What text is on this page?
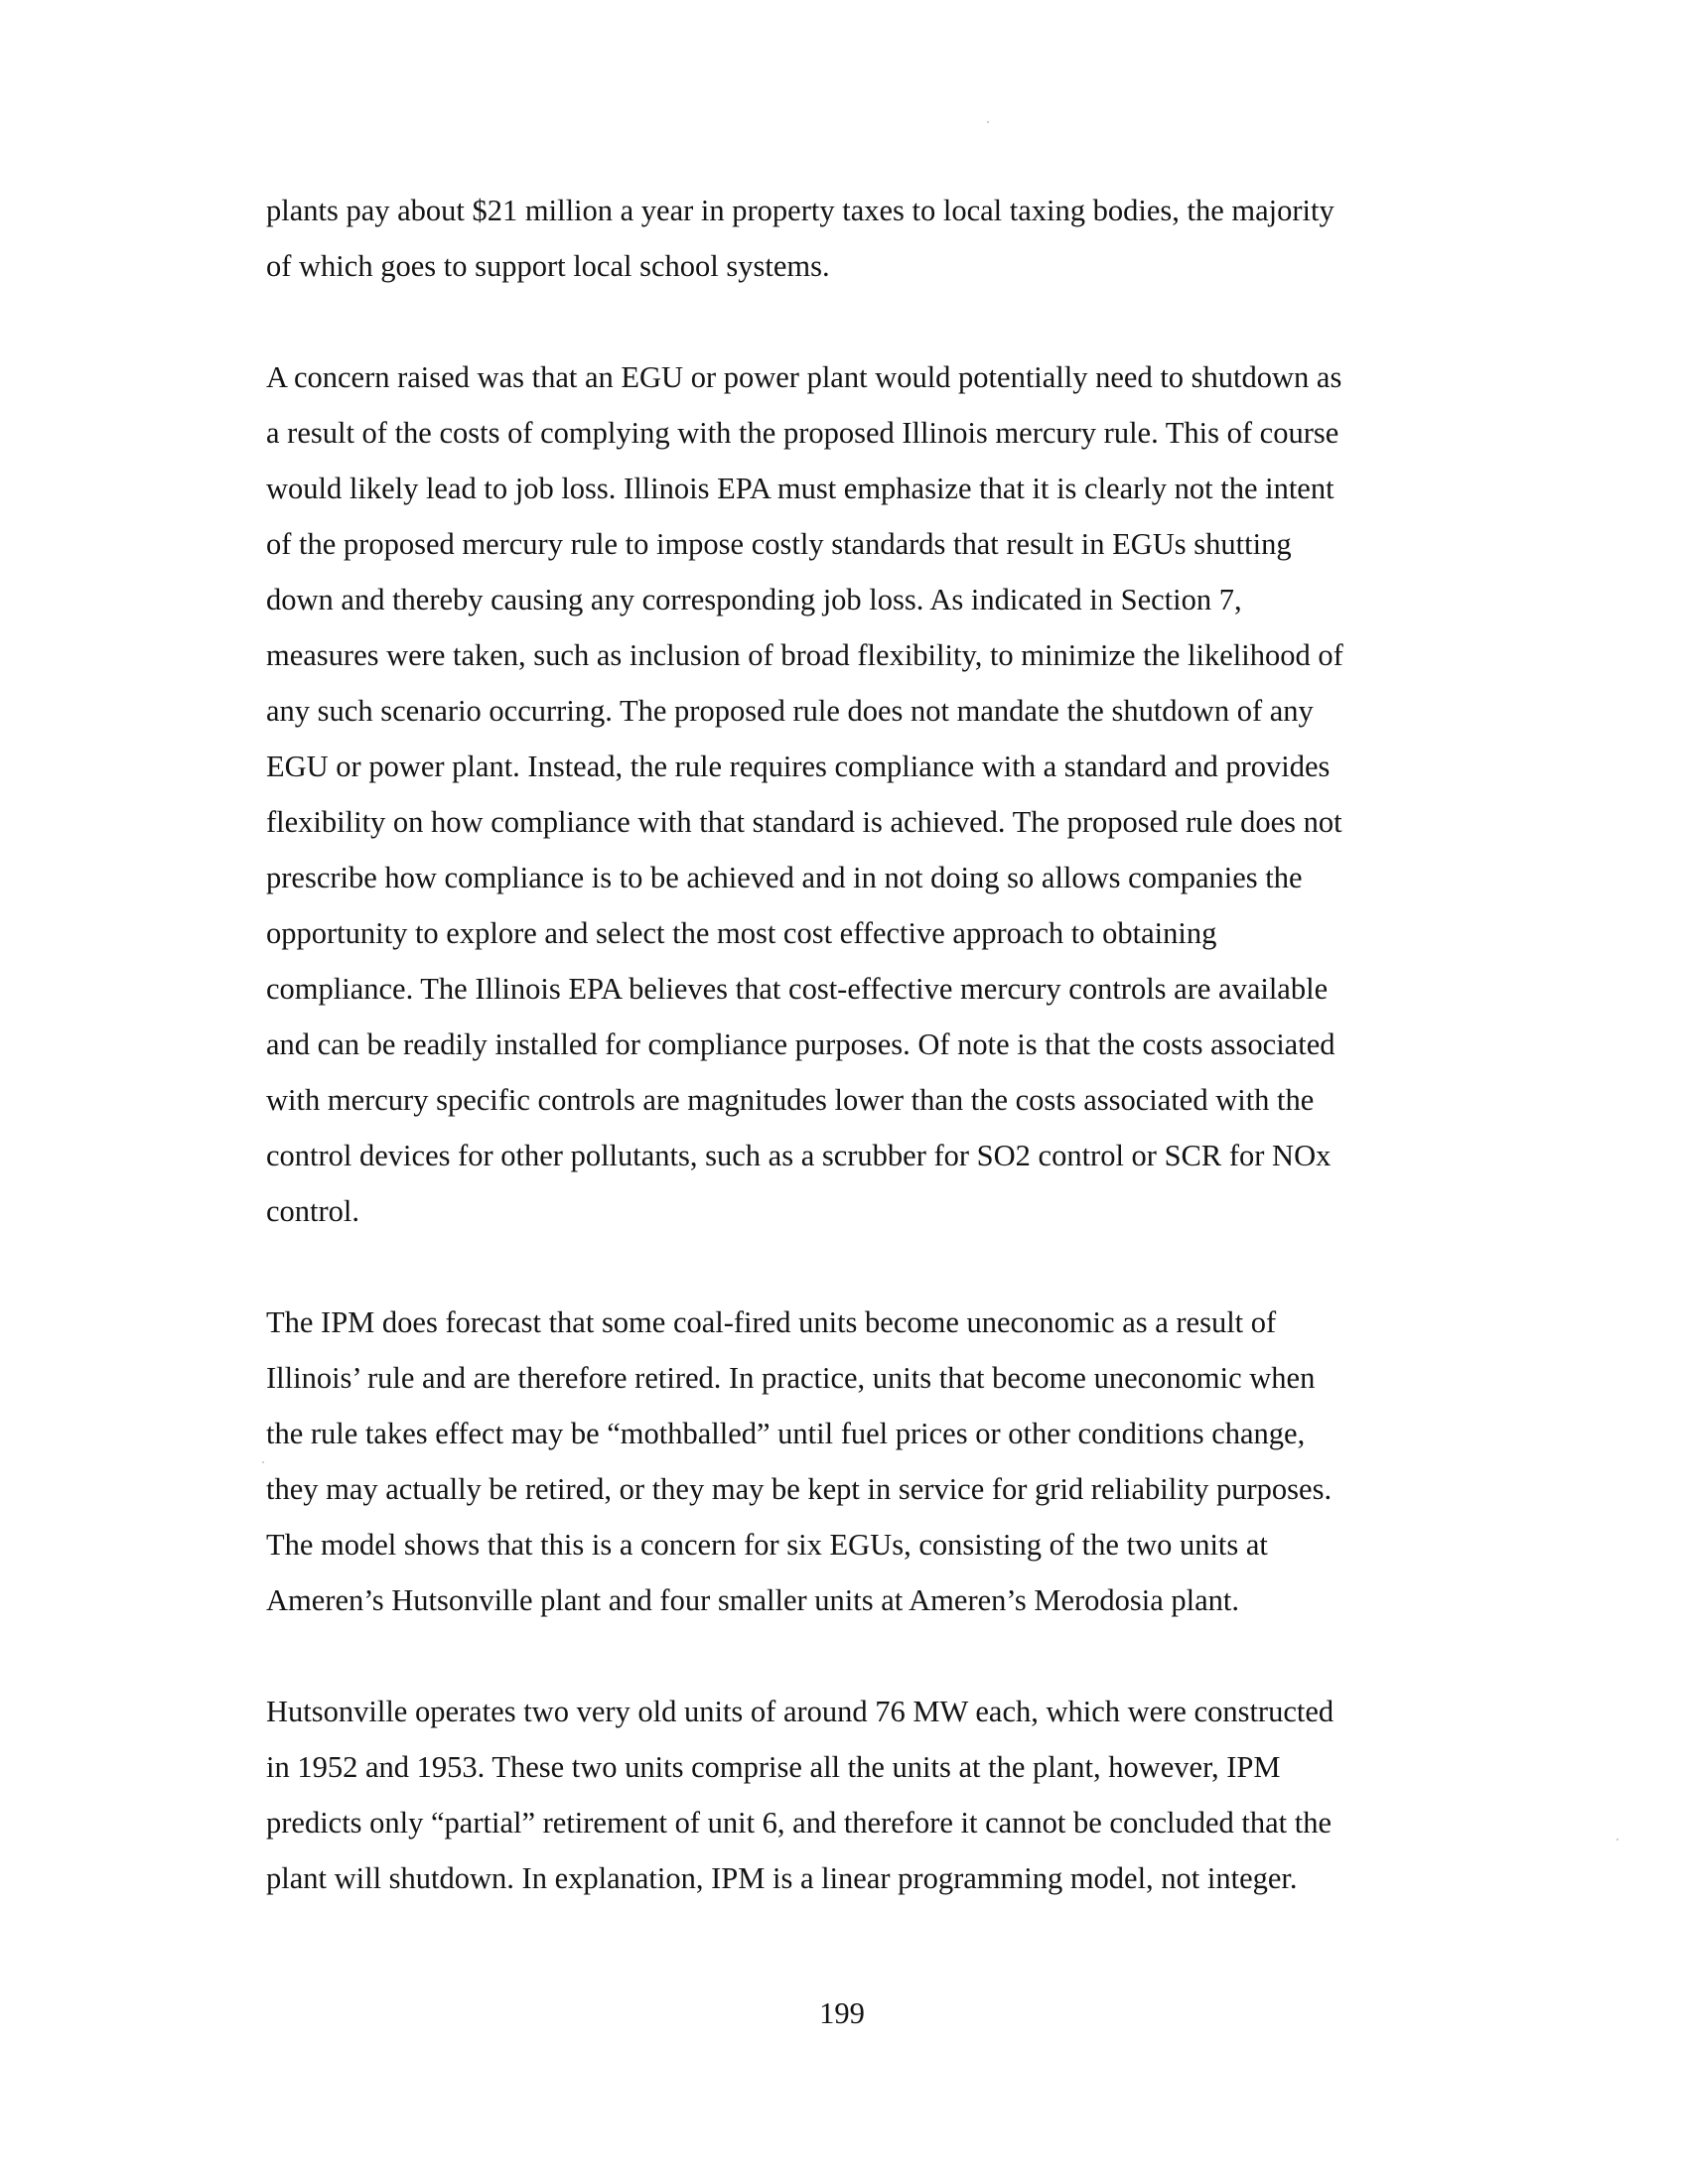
plants pay about $21 million a year in property taxes to local taxing bodies, the majority
of which goes to support local school systems.
A concern raised was that an EGU or power plant would potentially need to shutdown as
a result of the costs of complying with the proposed Illinois mercury rule. This of course
would likely lead to job loss. Illinois EPA must emphasize that it is clearly not the intent
of the proposed mercury rule to impose costly standards that result in EGUs shutting
down and thereby causing any corresponding job loss. As indicated in Section 7,
measures were taken, such as inclusion of broad flexibility, to minimize the likelihood of
any such scenario occurring. The proposed rule does not mandate the shutdown of any
EGU or power plant. Instead, the rule requires compliance with a standard and provides
flexibility on how compliance with that standard is achieved. The proposed rule does not
prescribe how compliance is to be achieved and in not doing so allows companies the
opportunity to explore and select the most cost effective approach to obtaining
compliance. The Illinois EPA believes that cost-effective mercury controls are available
and can be readily installed for compliance purposes. Of note is that the costs associated
with mercury specific controls are magnitudes lower than the costs associated with the
control devices for other pollutants, such as a scrubber for SO2 control or SCR for NOx
control.
The IPM does forecast that some coal-fired units become uneconomic as a result of
Illinois’ rule and are therefore retired. In practice, units that become uneconomic when
the rule takes effect may be “mothballed” until fuel prices or other conditions change,
they may actually be retired, or they may be kept in service for grid reliability purposes.
The model shows that this is a concern for six EGUs, consisting of the two units at
Ameren’s Hutsonville plant and four smaller units at Ameren’s Merodosia plant.
Hutsonville operates two very old units of around 76 MW each, which were constructed
in 1952 and 1953. These two units comprise all the units at the plant, however, IPM
predicts only “partial” retirement of unit 6, and therefore it cannot be concluded that the
plant will shutdown. In explanation, IPM is a linear programming model, not integer.
199
